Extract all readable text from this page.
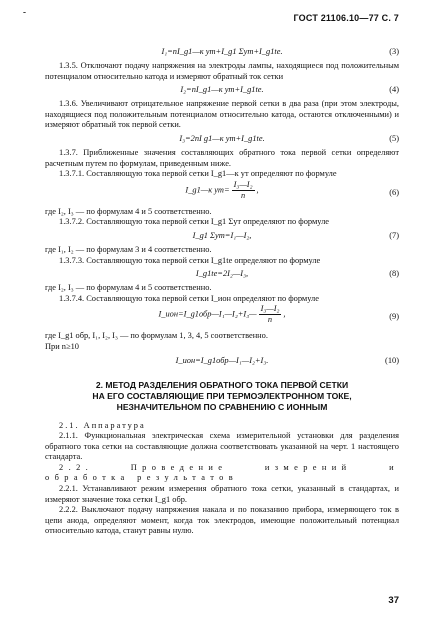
-
ГОСТ 21106.10—77 С. 7
I₁=nI_g1—к ут+I_g1 Σут+I_g1te.	(3)

1.3.5. Отключают подачу напряжения на электроды лампы, находящиеся под положительным потенциалом относительно катода и измеряют обратный ток сетки

I₂=nI_g1—к ут+I_g1te.	(4)

1.3.6. Увеличивают отрицательное напряжение первой сетки в два раза (при этом электроды, находящиеся под положительным потенциалом относительно катода, остаются отключенными) и измеряют обратный ток первой сетки.

I₃=2nI g1—к ут+I_g1te.	(5)

1.3.7. Приближенные значения составляющих обратного тока первой сетки определяют расчетным путем по формулам, приведенным ниже.

1.3.7.1. Составляющую тока первой сетки I_g1—к ут определяют по формуле

I_g1—к $ут= \frac{\text{I₃—I₂}}{n}$ ,	(6)

где I₂, I₃ — по формулам 4 и 5 соответственно.

1.3.7.2. Составляющую тока первой сетки I_g1 Σут определяют по формуле

I_g1 Σут=I₁—I₂,	(7)

где I₁, I₂ — по формулам 3 и 4 соответственно.

1.3.7.3. Составляющую тока первой сетки I_g1te определяют по формуле

I_g1te=2I₂—I₃,	(8)

где I₂, I₃ — по формулам 4 и 5 соответственно.

1.3.7.4. Составляющую тока первой сетки I_ион определяют по формуле

I_ион=I_g1обр—I₁—I₂+I₃— $\frac{\text{I₃—I₂}}{n}$ ,	(9)

где I_g1 обр, I₁, I₂, I₃ — по формулам 1, 3, 4, 5 соответственно.

При n≥10

I_ион=I_g1обр—I₁—I₂+I₃.	(10)
2. МЕТОД РАЗДЕЛЕНИЯ ОБРАТНОГО ТОКА ПЕРВОЙ СЕТКИ
НА ЕГО СОСТАВЛЯЮЩИЕ ПРИ ТЕРМОЭЛЕКТРОННОМ ТОКЕ,
НЕЗНАЧИТЕЛЬНОМ ПО СРАВНЕНИЮ С ИОННЫМ

2.1. Аппаратура

2.1.1. Функциональная электрическая схема измерительной установки для разделения обратного тока сетки на составляющие должна соответствовать указанной на черт. 1 настоящего стандарта.

2.2. Проведение измерений и обработка результатов

2.2.1. Устанавливают режим измерения обратного тока сетки, указанный в стандартах, и измеряют значение тока сетки I_g1 обр.

2.2.2. Выключают подачу напряжения накала и по показанию прибора, измеряющего ток в цепи анода, определяют момент, когда ток электродов, имеющие положительный потенциал относительно катода, станут равны нулю.

37
